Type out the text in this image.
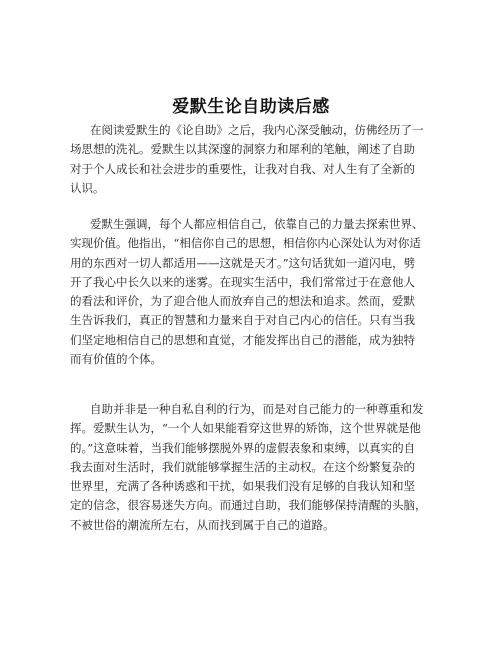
爱默生论自助读后感
在阅读爱默生的《论自助》之后，我内心深受触动，仿佛经历了一
场思想的洗礼。爱默生以其深邃的洞察力和犀利的笔触，阐述了自助
对于个人成长和社会进步的重要性，让我对自我、对人生有了全新的
认识。
爱默生强调，每个人都应相信自己，依靠自己的力量去探索世界、
实现价值。他指出，“相信你自己的思想，相信你内心深处认为对你适
用的东西对一切人都适用——这就是天才。”这句话犹如一道闪电，劈
开了我心中长久以来的迷雾。在现实生活中，我们常常过于在意他人
的看法和评价，为了迎合他人而放弃自己的想法和追求。然而，爱默
生告诉我们，真正的智慧和力量来自于对自己内心的信任。只有当我
们坚定地相信自己的思想和直觉，才能发挥出自己的潜能，成为独特
而有价值的个体。
自助并非是一种自私自利的行为，而是对自己能力的一种尊重和发
挥。爱默生认为，“一个人如果能看穿这世界的矫饰，这个世界就是他
的。”这意味着，当我们能够摆脱外界的虚假表象和束缚，以真实的自
我去面对生活时，我们就能够掌握生活的主动权。在这个纷繁复杂的
世界里，充满了各种诱惑和干扰，如果我们没有足够的自我认知和坚
定的信念，很容易迷失方向。而通过自助，我们能够保持清醒的头脑，
不被世俗的潮流所左右，从而找到属于自己的道路。
